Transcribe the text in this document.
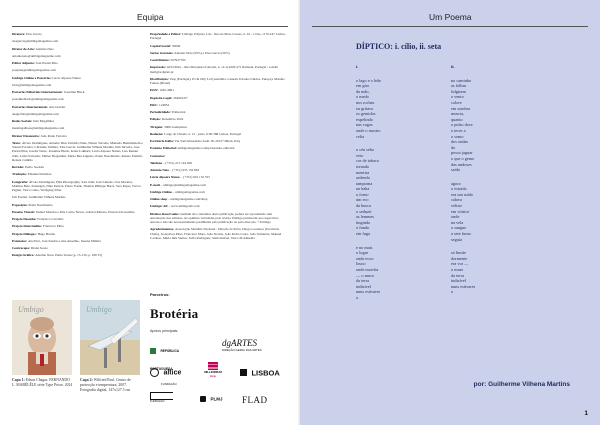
Equipa

Diretora: Elsa Garcia

elsagarcia@umbigomagazine.com

Diretor de Arte: António Neto

antonioneto@umbigomagazine.com

Editor Adjunto: José Pardal Pina

josepina@umbigomagazine.com

Umbigo Online e Parcerias: Lúcia Alpoere Nunes

lucia@umbigomagazine.com

Parcerias Editoriais Internacionais: Josseline Black

josselineblack@umbigomagazine.com

Parcerias Internacionais: Ana Grebler

anagrebler@umbigomagazine.com

Redes Sociais: Inês Magalhães

inesmagalhaes@umbigomagazine.com

Diretor Financeiro: João Paulo Ferreira

Texto: Álvaro Domingues, Antonio Dias Variable Nune, Hester Stevens, Manuela Hemmelstein e Valerie Ferreira, Christine Vallière, Elsa Garcia, Guilherme Vilhena Martins, Inês Silveira, José Pardal Pina, Joseita Verne, Josseline Black, Kalas Lakhard, Lúcia Alpoere Nunes, Lise Renaut Zahr, Luiza Salvador, Matteo Bergamini, Maria Beà Augusto, Paulo Nascimento, Renato Pottiim, Renata Camillo

Revisão: Pedro Soeiran

Tradução: Emanuel Ramires

Fotografia: Álvaro Domingues, HIA Photography, Sara Zahr, José Limede, Lise Morales, Mathias Batz, Zenengen, Niko Patrick, Pierre Frank, Thomas Philippe Barra, Sara Rojas, Trevor Paglen, Vasco Célio, Wolfgang Stiler

Um Poema: Guilherme Vilhena Martins

Exposição: Paula Nascimento

Ensaios Visuais: Daniel Moreira e Rita Castro Neves, Gabriel Ribeiro, Ernesto Dovestelho

Projeto Desenho: Francisco Carvalho

Projeto Intercâmbio: Francisco Pinto

Projeto Diálogos: Hugo Brasão

Extensões: Ana Eiró, José Sendas e Ana Anselmo, Susana Mülder

Contracapa: Diana Sousa

Design Gráfico: António Neto, Paulo Souza (p. 15-134; p. 180 35)

Propriedade e Editor: Umbigo Edições, Lda · Rua de Mato Grosso, n. 42 - 1 Dto, 1170-247 Lisboa, Portugal

Capital Social: 5000€

Sócios Gerentes: António Neto (50%) e Elsa Garcia (50%)

Contribuinte: 507927702

Impressão: ACD Print – Rua Marquesa d'Alorna, n. 12-A 2620-271 Ramada, Portugal / e-mail: mail@acdprint.pt

Distribuição: Vasp (Portugal). Ex & Olly Ltd (Austrália, Canadá, Estados Unidos, Europa). Martins Fontes (Brasil)

ISSN: 1645-4901

Depósito Legal: 264901/07

ERC: 124854

Periodicidade: Trimestral

Edição: Dezembro 2024

Tiragem: 3000 exemplares

Redação: Largo do Chiado, n. 15 - patio 1100-388 Lisboa, Portugal

Escritório Itália: Via Sant'Alessandro Sauli 18, 20127 Milan, Italy

Estatuto Editorial: umbigomagazine.com/pt/estatuto-editorial

Contactos:

Telefone – (+351) 213 144 609

António Neto – (+351) 935 134 862

Lúcia Alpoere Nunes – (+351) 910 132 555

E-mail – umbigo@umbigomagazine.com

Umbigo Online – umbigomagazine.com

Online shop – umbigomagazine.com/shop

Umbigo! All – www.umbigolab.com

Direitos Reservados: nenhum dos conteúdos desta publicação poderá ser reproduzido sem autorização dos editores. As opiniões veiculadas pela revista Umbigo pertencem aos respectivos autores e não são necessariamente partilhadas pela publicação ou pela direcção. ©Umbigo

Agradecimentos: Associação Muralha Nacional - Direção de Parto, Diogo Lourenço (Escritório Chefe), Gonçalves Pires, Francisco Mota, João Norton, João Pedro Costa, João Sarmento, Manuel Cardoso, Maria Inês Santos, Sofia Rodrigues, Sónia Rafael, Vasco M Almeida

Umbigo	Umbigo
Capa 1: Edson Chagas. FERNANDO L. MABÉLÊLE série Type Proxe, 2014
Capa 2: Wilfried Paul. Centro de protecção e temperatura, 2007. Fotografia digital, 147x127.5 cm
Parceiros:
Brotéria
Apoios principais:
REPÚBLICA PORTUGUESA
dgARTES
DIREÇÃO-GERAL DAS ARTES
altice
FUNDAÇÃO
MILLENNIUM
bcp	LISBOA
FUNDAÇÃO
PLMJ	FLAD
Um Poema
DÍPTICO: i. cílio, ii. seta
i.
o lago e o leão
em giro
da mão,
o medo
nos rochas
eu gritava
os gemidos
expelindo
nas vagas
onde o mostro
celta
o céu sebo
veio
cor de tabaco
tornado
mentira
ardendo
tamporna
na baba
o forno
um eco
da busca
o seduzir
as lemmes
tingindo
o fundo
em fuga
e no mais
o lugar
onde ecoo
louco
onde morcha
— o muco
da terra
indizível
nuns estivares
a
ii.
no caminho
as folhas
fulgiram
o vento
colore
em sombra
muscia,
quanto
o pulso doce
o tecer a
o somo
dos ondas
do
posso jaguar
o que o gemo
das undoses
saida
agora
o estrado
era um ruído
calava
velino
em vórtice
onde
na vela
o sangue
a sete fumo
seguia
só limite
dormente
era vor —
o muro
da terra
indizível
nuns estivares
a
por: Guilherme Vilhena Martins
1
